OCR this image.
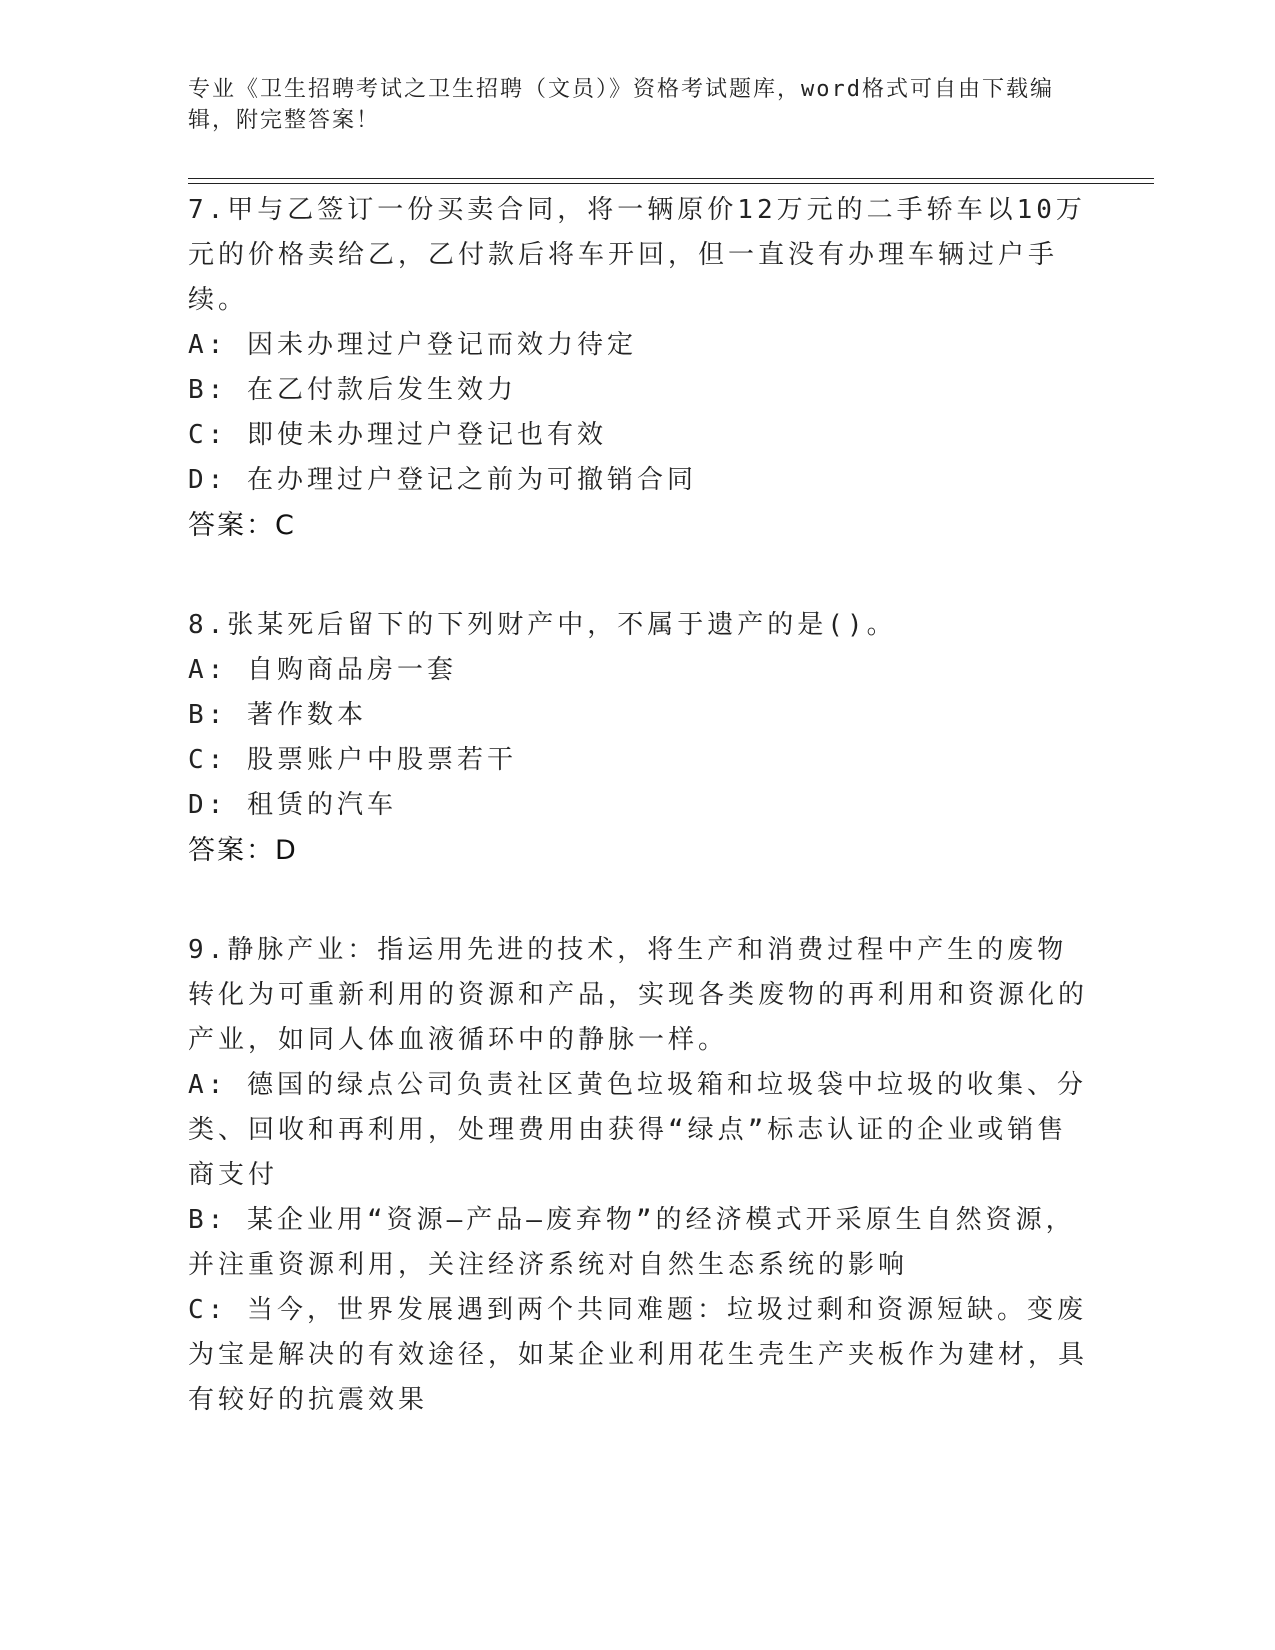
专业《卫生招聘考试之卫生招聘（文员）》资格考试题库，word格式可自由下载编辑，附完整答案！
7.甲与乙签订一份买卖合同，将一辆原价12万元的二手轿车以10万元的价格卖给乙，乙付款后将车开回，但一直没有办理车辆过户手续。
A: 因未办理过户登记而效力待定
B: 在乙付款后发生效力
C: 即使未办理过户登记也有效
D: 在办理过户登记之前为可撤销合同
答案：C
8.张某死后留下的下列财产中，不属于遗产的是()。
A: 自购商品房一套
B: 著作数本
C: 股票账户中股票若干
D: 租赁的汽车
答案：D
9.静脉产业：指运用先进的技术，将生产和消费过程中产生的废物转化为可重新利用的资源和产品，实现各类废物的再利用和资源化的产业，如同人体血液循环中的静脉一样。
A: 德国的绿点公司负责社区黄色垃圾箱和垃圾袋中垃圾的收集、分类、回收和再利用，处理费用由获得“绿点”标志认证的企业或销售商支付
B: 某企业用“资源—产品—废弃物”的经济模式开采原生自然资源，并注重资源利用，关注经济系统对自然生态系统的影响
C: 当今，世界发展遇到两个共同难题：垃圾过剩和资源短缺。变废为宝是解决的有效途径，如某企业利用花生壳生产夹板作为建材，具有较好的抗震效果
